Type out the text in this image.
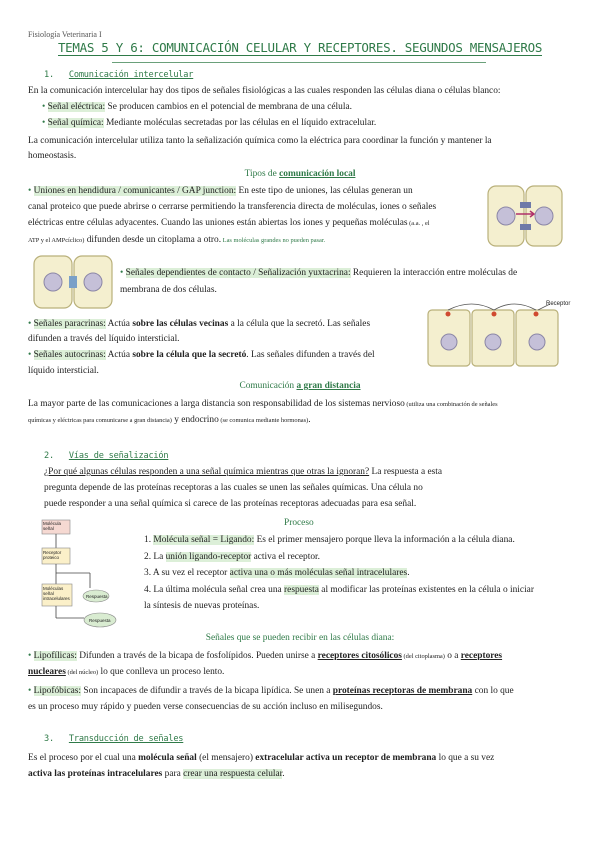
Fisiología Veterinaria I
TEMAS 5 Y 6: COMUNICACIÓN CELULAR Y RECEPTORES. SEGUNDOS MENSAJEROS
1. Comunicación intercelular
En la comunicación intercelular hay dos tipos de señales fisiológicas a las cuales responden las células diana o células blanco:
• Señal eléctrica: Se producen cambios en el potencial de membrana de una célula.
• Señal química: Mediante moléculas secretadas por las células en el líquido extracelular.
La comunicación intercelular utiliza tanto la señalización química como la eléctrica para coordinar la función y mantener la
homeostasis.
Tipos de comunicación local
• Uniones en hendidura / comunicantes / GAP junction: En este tipo de uniones, las células generan un
canal proteico que puede abrirse o cerrarse permitiendo la transferencia directa de moléculas, iones o señales
eléctricas entre células adyacentes. Cuando las uniones están abiertas los iones y pequeñas moléculas (a.a. , el
ATP y el AMPcíclico) difunden desde un citoplama a otro. Las moléculas grandes no pueden pasar.
• Señales dependientes de contacto / Señalización yuxtacrina: Requieren la interacción entre moléculas de
membrana de dos células.
• Señales paracrinas: Actúa sobre las células vecinas a la célula que la secretó. Las señales
difunden a través del líquido intersticial.
• Señales autocrinas: Actúa sobre la célula que la secretó. Las señales difunden a través del
líquido intersticial.
Receptor
Comunicación a gran distancia
La mayor parte de las comunicaciones a larga distancia son responsabilidad de los sistemas nervioso (utiliza una combinación de señales
químicas y eléctricas para comunicarse a gran distancia) y endocrino (se comunica mediante hormonas).
2. Vías de señalización
¿Por qué algunas células responden a una señal química mientras que otras la ignoran? La respuesta a esta
pregunta depende de las proteínas receptoras a las cuales se unen las señales químicas. Una célula no
puede responder a una señal química si carece de las proteínas receptoras adecuadas para esa señal.
Proceso
Molécula señal
Receptor proteico
Moléculas señal intracelulares	Respuesta
Respuesta
1. Molécula señal = Ligando: Es el primer mensajero porque lleva la información a la célula diana.
2. La unión ligando-receptor activa el receptor.
3. A su vez el receptor activa una o más moléculas señal intracelulares.
4. La última molécula señal crea una respuesta al modificar las proteínas existentes en la célula o iniciar
la síntesis de nuevas proteínas.
Señales que se pueden recibir en las células diana:
• Lipofílicas: Difunden a través de la bicapa de fosfolípidos. Pueden unirse a receptores citosólicos (del citoplasma) o a receptores
nucleares (del núcleo) lo que conlleva un proceso lento.
• Lipofóbicas: Son incapaces de difundir a través de la bicapa lipídica. Se unen a proteínas receptoras de membrana con lo que
es un proceso muy rápido y pueden verse consecuencias de su acción incluso en milisegundos.
3. Transducción de señales
Es el proceso por el cual una molécula señal (el mensajero) extracelular activa un receptor de membrana lo que a su vez
activa las proteínas intracelulares para crear una respuesta celular.
